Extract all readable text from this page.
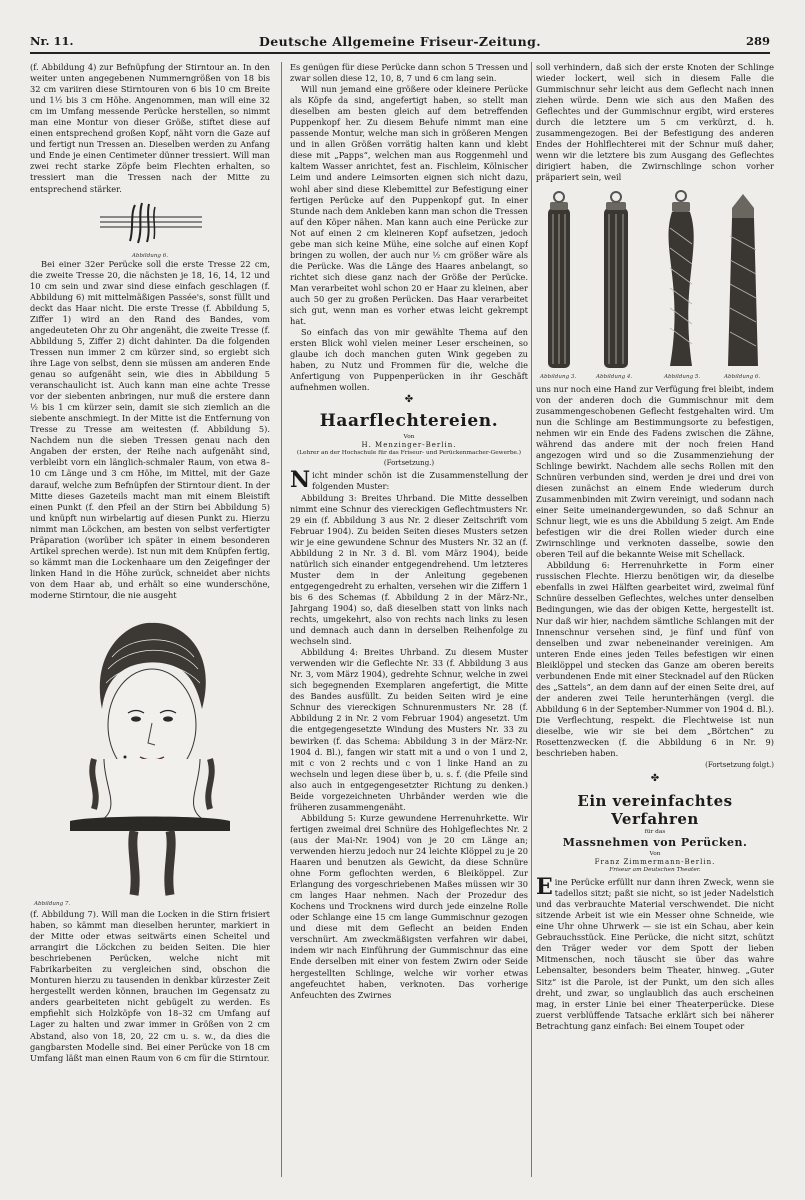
Nr. 11.	Deutsche Allgemeine Friseur-Zeitung.	289

(f. Abbildung 4) zur Befnüpfung der Stirntour an. In den weiter unten angegebenen Nummerngrößen von 18 bis 32 cm variiren diese Stirntouren von 6 bis 10 cm Breite und 1½ bis 3 cm Höhe. Angenommen, man will eine 32 cm im Umfang messende Perücke herstellen, so nimmt man eine Montur von dieser Größe, stiftet diese auf einen entsprechend großen Kopf, näht vorn die Gaze auf und fertigt nun Tressen an. Dieselben werden zu Anfang und Ende je einen Centimeter dünner tressiert. Will man zwei recht starke Zöpfe beim Flechten erhalten, so tressiert man die Tressen nach der Mitte zu entsprechend stärker.

Abbildung 6.

Bei einer 32er Perücke soll die erste Tresse 22 cm, die zweite Tresse 20, die nächsten je 18, 16, 14, 12 und 10 cm sein und zwar sind diese einfach geschlagen (f. Abbildung 6) mit mittelmäßigen Passée's, sonst füllt und deckt das Haar nicht. Die erste Tresse (f. Abbildung 5, Ziffer 1) wird an den Rand des Bandes, vom angedeuteten Ohr zu Ohr angenäht, die zweite Tresse (f. Abbildung 5, Ziffer 2) dicht dahinter. Da die folgenden Tressen nun immer 2 cm kürzer sind, so ergiebt sich ihre Lage von selbst, denn sie müssen am anderen Ende genau so aufgenäht sein, wie dies in Abbildung 5 veranschaulicht ist. Auch kann man eine achte Tresse vor der siebenten anbringen, nur muß die erstere dann ½ bis 1 cm kürzer sein, damit sie sich ziemlich an die siebente anschmiegt. In der Mitte ist die Entfernung von Tresse zu Tresse am weitesten (f. Abbildung 5). Nachdem nun die sieben Tressen genau nach den Angaben der ersten, der Reihe nach aufgenäht sind, verbleibt vorn ein länglich-schmaler Raum, von etwa 8–10 cm Länge und 3 cm Höhe, im Mittel, mit der Gaze darauf, welche zum Befnüpfen der Stirntour dient. In der Mitte dieses Gazeteils macht man mit einem Bleistift einen Punkt (f. den Pfeil an der Stirn bei Abbildung 5) und knüpft nun wirbelartig auf diesen Punkt zu. Hierzu nimmt man Löckchen, am besten von selbst verfertigter Präparation (worüber ich später in einem besonderen Artikel sprechen werde). Ist nun mit dem Knüpfen fertig, so kämmt man die Lockenhaare um den Zeigefinger der linken Hand in die Höhe zurück, schneidet aber nichts von dem Haar ab, und erhält so eine wunderschöne, moderne Stirntour, die nie ausgeht

Abbildung 7.

(f. Abbildung 7). Will man die Locken in die Stirn frisiert haben, so kämmt man dieselben herunter, markiert in der Mitte oder etwas seitwärts einen Scheitel und arrangirt die Löckchen zu beiden Seiten. Die hier beschriebenen Perücken, welche nicht mit Fabrikarbeiten zu vergleichen sind, obschon die Monturen hierzu zu tausenden in denkbar kürzester Zeit hergestellt werden können, brauchen im Gegensatz zu anders gearbeiteten nicht gebügelt zu werden. Es empfiehlt sich Holzköpfe von 18–32 cm Umfang auf Lager zu halten und zwar immer in Größen von 2 cm Abstand, also von 18, 20, 22 cm u. s. w., da dies die gangbarsten Modelle sind. Bei einer Perücke von 18 cm Umfang läßt man einen Raum von 6 cm für die Stirntour.

Es genügen für diese Perücke dann schon 5 Tressen und zwar sollen diese 12, 10, 8, 7 und 6 cm lang sein.

Will nun jemand eine größere oder kleinere Perücke als Köpfe da sind, angefertigt haben, so stellt man dieselben am besten gleich auf dem betreffenden Puppenkopf her. Zu diesem Behufe nimmt man eine passende Montur, welche man sich in größeren Mengen und in allen Größen vorrätig halten kann und klebt diese mit „Papps“, welchen man aus Roggenmehl und kaltem Wasser anrichtet, fest an. Fischleim, Kölnischer Leim und andere Leimsorten eignen sich nicht dazu, wohl aber sind diese Klebemittel zur Befestigung einer fertigen Perücke auf den Puppenkopf gut. In einer Stunde nach dem Ankleben kann man schon die Tressen auf den Köper nähen. Man kann auch eine Perücke zur Not auf einen 2 cm kleineren Kopf aufsetzen, jedoch gebe man sich keine Mühe, eine solche auf einen Kopf bringen zu wollen, der auch nur ½ cm größer wäre als die Perücke. Was die Länge des Haares anbelangt, so richtet sich diese ganz nach der Größe der Perücke. Man verarbeitet wohl schon 20 er Haar zu kleinen, aber auch 50 ger zu großen Perücken. Das Haar verarbeitet sich gut, wenn man es vorher etwas leicht gekrempt hat.

So einfach das von mir gewählte Thema auf den ersten Blick wohl vielen meiner Leser erscheinen, so glaube ich doch manchen guten Wink gegeben zu haben, zu Nutz und Frommen für die, welche die Anfertigung von Puppenperücken in ihr Geschäft aufnehmen wollen.

✤
Haarflechtereien.
Von
H. Menzinger-Berlin.
(Lehrer an der Hochschule für das Friseur- und Perückenmacher-Gewerbe.)
(Fortsetzung.)

Nicht minder schön ist die Zusammenstellung der folgenden Muster:

Abbildung 3: Breites Uhrband. Die Mitte desselben nimmt eine Schnur des viereckigen Geflechtmusters Nr. 29 ein (f. Abbildung 3 aus Nr. 2 dieser Zeitschrift vom Februar 1904). Zu beiden Seiten dieses Musters setzen wir je eine gewundene Schnur des Musters Nr. 32 an (f. Abbildung 2 in Nr. 3 d. Bl. vom März 1904), beide natürlich sich einander entgegendrehend. Um letzteres Muster dem in der Anleitung gegebenen entgegengedreht zu erhalten, versehen wir die Ziffern 1 bis 6 des Schemas (f. Abbildung 2 in der März-Nr., Jahrgang 1904) so, daß dieselben statt von links nach rechts, umgekehrt, also von rechts nach links zu lesen und demnach auch dann in derselben Reihenfolge zu wechseln sind.

Abbildung 4: Breites Uhrband. Zu diesem Muster verwenden wir die Geflechte Nr. 33 (f. Abbildung 3 aus Nr. 3, vom März 1904), gedrehte Schnur, welche in zwei sich begegnenden Exemplaren angefertigt, die Mitte des Bandes ausfüllt. Zu beiden Seiten wird je eine Schnur des viereckigen Schnurenmusters Nr. 28 (f. Abbildung 2 in Nr. 2 vom Februar 1904) angesetzt. Um die entgegengesetzte Windung des Musters Nr. 33 zu bewirken (f. das Schema: Abbildung 3 in der März-Nr. 1904 d. Bl.), fangen wir statt mit a und o von 1 und 2, mit c von 2 rechts und c von 1 linke Hand an zu wechseln und legen diese über b, u. s. f. (die Pfeile sind also auch in entgegengesetzter Richtung zu denken.) Beide vorgezeichneten Uhrbänder werden wie die früheren zusammengenäht.

Abbildung 5: Kurze gewundene Herrenuhrkette. Wir fertigen zweimal drei Schnüre des Hohlgeflechtes Nr. 2 (aus der Mai-Nr. 1904) von je 20 cm Länge an; verwenden hierzu jedoch nur 24 leichte Klöppel zu je 20 Haaren und benutzen als Gewicht, da diese Schnüre ohne Form geflochten werden, 6 Bleiköppel. Zur Erlangung des vorgeschriebenen Maßes müssen wir 30 cm langes Haar nehmen. Nach der Prozedur des Kochens und Trocknens wird durch jede einzelne Rolle oder Schlange eine 15 cm lange Gummischnur gezogen und diese mit dem Geflecht an beiden Enden verschnürt. Am zweckmäßigsten verfahren wir dabei, indem wir nach Einführung der Gummischnur das eine Ende derselben mit einer von festem Zwirn oder Seide hergestellten Schlinge, welche wir vorher etwas angefeuchtet haben, verknoten. Das vorherige Anfeuchten des Zwirnes

soll verhindern, daß sich der erste Knoten der Schlinge wieder lockert, weil sich in diesem Falle die Gummischnur sehr leicht aus dem Geflecht nach innen ziehen würde. Denn wie sich aus den Maßen des Geflechtes und der Gummischnur ergibt, wird ersteres durch die letztere um 5 cm verkürzt, d. h. zusammengezogen. Bei der Befestigung des anderen Endes der Hohlflechterei mit der Schnur muß daher, wenn wir die letztere bis zum Ausgang des Geflechtes dirigiert haben, die Zwirnschlinge schon vorher präpariert sein, weil

Abbildung 3.	Abbildung 4.	Abbildung 5.	Abbildung 6.

uns nur noch eine Hand zur Verfügung frei bleibt, indem von der anderen doch die Gummischnur mit dem zusammengeschobenen Geflecht festgehalten wird. Um nun die Schlinge am Bestimmungsorte zu befestigen, nehmen wir ein Ende des Fadens zwischen die Zähne, während das andere mit der noch freien Hand angezogen wird und so die Zusammenziehung der Schlinge bewirkt. Nachdem alle sechs Rollen mit den Schnüren verbunden sind, werden je drei und drei von diesen zunächst an einem Ende wiederum durch Zusammenbinden mit Zwirn vereinigt, und sodann nach einer Seite umeinandergewunden, so daß Schnur an Schnur liegt, wie es uns die Abbildung 5 zeigt. Am Ende befestigen wir die drei Rollen wieder durch eine Zwirnschlinge und verknoten dasselbe, sowie den oberen Teil auf die bekannte Weise mit Schellack.

Abbildung 6: Herrenuhrkette in Form einer russischen Flechte. Hierzu benötigen wir, da dieselbe ebenfalls in zwei Hälften gearbeitet wird, zweimal fünf Schnüre desselben Geflechtes, welches unter denselben Bedingungen, wie das der obigen Kette, hergestellt ist. Nur daß wir hier, nachdem sämtliche Schlangen mit der Innenschnur versehen sind, je fünf und fünf von denselben und zwar nebeneinander vereinigen. Am unteren Ende eines jeden Teiles befestigen wir einen Bleiklöppel und stecken das Ganze am oberen bereits verbundenen Ende mit einer Stecknadel auf den Rücken des „Sattels“, an dem dann auf der einen Seite drei, auf der anderen zwei Teile herunterhängen (vergl. die Abbildung 6 in der September-Nummer von 1904 d. Bl.). Die Verflechtung, respekt. die Flechtweise ist nun dieselbe, wie wir sie bei dem „Börtchen“ zu Rosettenzwecken (f. die Abbildung 6 in Nr. 9) beschrieben haben.

(Fortsetzung folgt.)
✤
Ein vereinfachtes Verfahren
für das
Massnehmen von Perücken.
Von
Franz Zimmermann-Berlin.
Friseur am Deutschen Theater.

Eine Perücke erfüllt nur dann ihren Zweck, wenn sie tadellos sitzt; paßt sie nicht, so ist jeder Nadelstich und das verbrauchte Material verschwendet. Die nicht sitzende Arbeit ist wie ein Messer ohne Schneide, wie eine Uhr ohne Uhrwerk — sie ist ein Schau, aber kein Gebrauchsstück. Eine Perücke, die nicht sitzt, schützt den Träger weder vor dem Spott der lieben Mitmenschen, noch täuscht sie über das wahre Lebensalter, besonders beim Theater, hinweg. „Guter Sitz“ ist die Parole, ist der Punkt, um den sich alles dreht, und zwar, so unglaublich das auch erscheinen mag, in erster Linie bei einer Theaterperücke. Diese zuerst verblüffende Tatsache erklärt sich bei näherer Betrachtung ganz einfach: Bei einem Toupet oder
